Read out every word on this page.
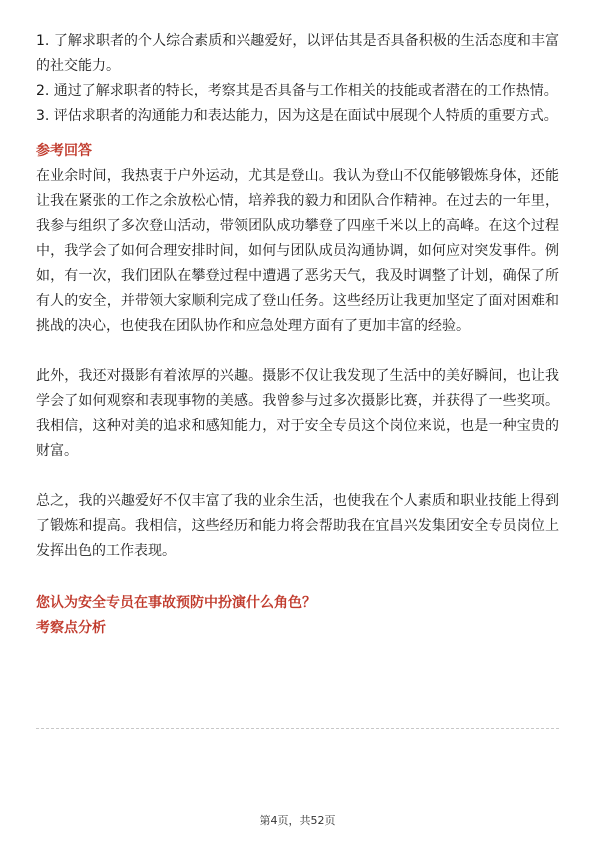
1. 了解求职者的个人综合素质和兴趣爱好，以评估其是否具备积极的生活态度和丰富的社交能力。

2. 通过了解求职者的特长，考察其是否具备与工作相关的技能或者潜在的工作热情。

3. 评估求职者的沟通能力和表达能力，因为这是在面试中展现个人特质的重要方式。

参考回答

在业余时间，我热衷于户外运动，尤其是登山。我认为登山不仅能够锻炼身体，还能让我在紧张的工作之余放松心情，培养我的毅力和团队合作精神。在过去的一年里，我参与组织了多次登山活动，带领团队成功攀登了四座千米以上的高峰。在这个过程中，我学会了如何合理安排时间，如何与团队成员沟通协调，如何应对突发事件。例如，有一次，我们团队在攀登过程中遭遇了恶劣天气，我及时调整了计划，确保了所有人的安全，并带领大家顺利完成了登山任务。这些经历让我更加坚定了面对困难和挑战的决心，也使我在团队协作和应急处理方面有了更加丰富的经验。

此外，我还对摄影有着浓厚的兴趣。摄影不仅让我发现了生活中的美好瞬间，也让我学会了如何观察和表现事物的美感。我曾参与过多次摄影比赛，并获得了一些奖项。我相信，这种对美的追求和感知能力，对于安全专员这个岗位来说，也是一种宝贵的财富。

总之，我的兴趣爱好不仅丰富了我的业余生活，也使我在个人素质和职业技能上得到了锻炼和提高。我相信，这些经历和能力将会帮助我在宜昌兴发集团安全专员岗位上发挥出色的工作表现。

您认为安全专员在事故预防中扮演什么角色？

考察点分析

第4页，共52页
